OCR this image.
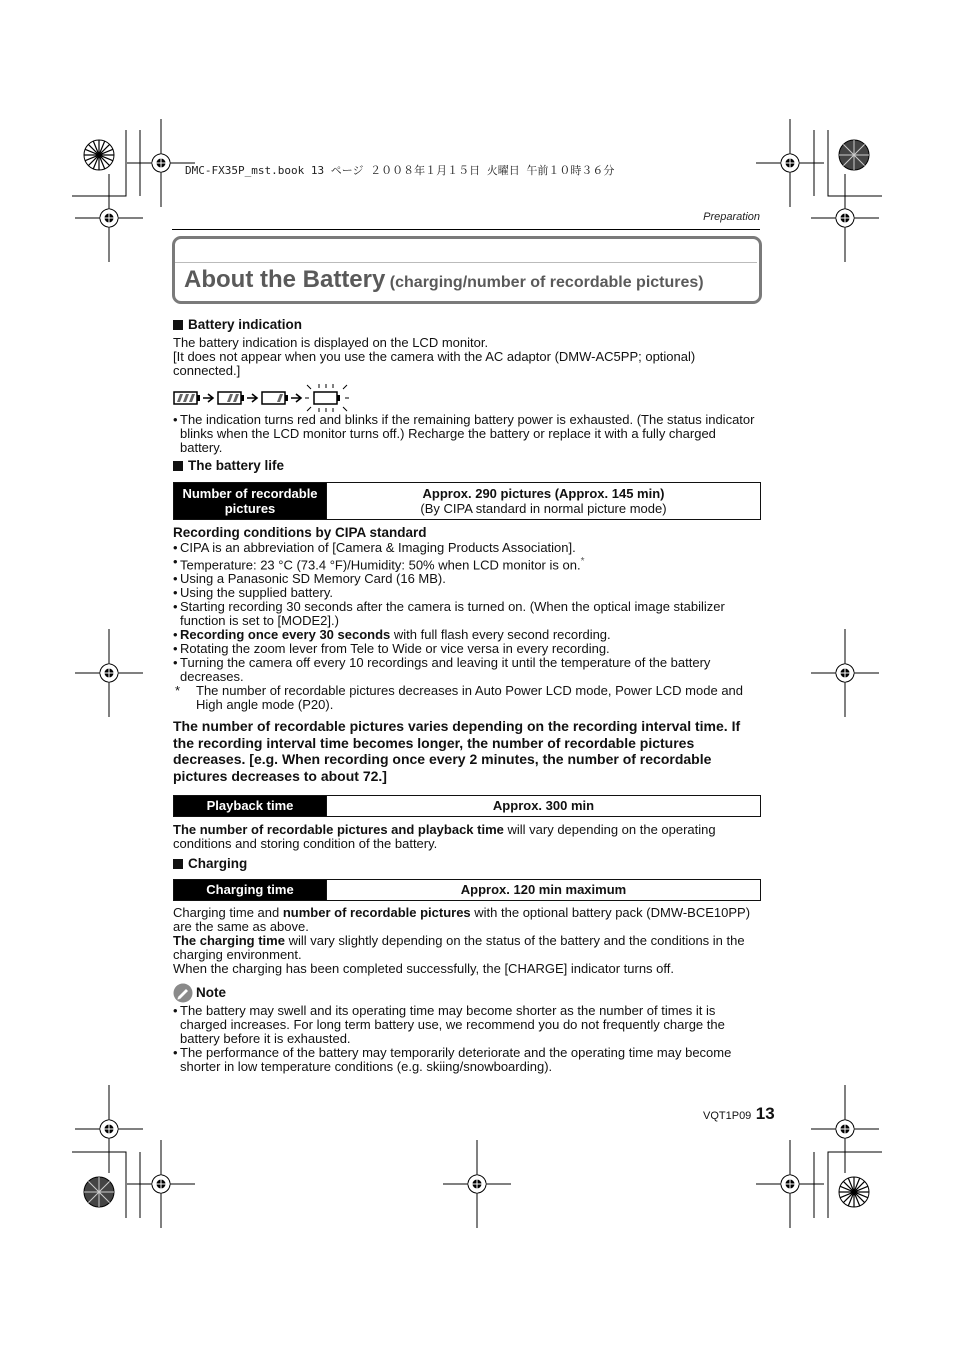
DMC-FX35P_mst.book 13 ページ ２００８年１月１５日 火曜日 午前１０時３６分
Preparation
About the Battery (charging/number of recordable pictures)

Battery indication

The battery indication is displayed on the LCD monitor.

[It does not appear when you use the camera with the AC adaptor (DMW-AC5PP; optional) connected.]

• The indication turns red and blinks if the remaining battery power is exhausted. (The status indicator blinks when the LCD monitor turns off.) Recharge the battery or replace it with a fully charged battery.

The battery life

Number of recordable pictures	Approx. 290 pictures (Approx. 145 min)
(By CIPA standard in normal picture mode)

Recording conditions by CIPA standard

• CIPA is an abbreviation of [Camera & Imaging Products Association].
• Temperature: 23 °C (73.4 °F)/Humidity: 50% when LCD monitor is on.*
• Using a Panasonic SD Memory Card (16 MB).
• Using the supplied battery.
• Starting recording 30 seconds after the camera is turned on. (When the optical image stabilizer function is set to [MODE2].)
• Recording once every 30 seconds with full flash every second recording.
• Rotating the zoom lever from Tele to Wide or vice versa in every recording.
• Turning the camera off every 10 recordings and leaving it until the temperature of the battery decreases.
* The number of recordable pictures decreases in Auto Power LCD mode, Power LCD mode and High angle mode (P20).

The number of recordable pictures varies depending on the recording interval time. If the recording interval time becomes longer, the number of recordable pictures decreases. [e.g. When recording once every 2 minutes, the number of recordable pictures decreases to about 72.]

Playback time	Approx. 300 min

The number of recordable pictures and playback time will vary depending on the operating conditions and storing condition of the battery.

Charging

Charging time	Approx. 120 min maximum

Charging time and number of recordable pictures with the optional battery pack (DMW-BCE10PP) are the same as above.

The charging time will vary slightly depending on the status of the battery and the conditions in the charging environment.

When the charging has been completed successfully, the [CHARGE] indicator turns off.

Note
• The battery may swell and its operating time may become shorter as the number of times it is charged increases. For long term battery use, we recommend you do not frequently charge the battery before it is exhausted.
• The performance of the battery may temporarily deteriorate and the operating time may become shorter in low temperature conditions (e.g. skiing/snowboarding).
VQT1P09 13
